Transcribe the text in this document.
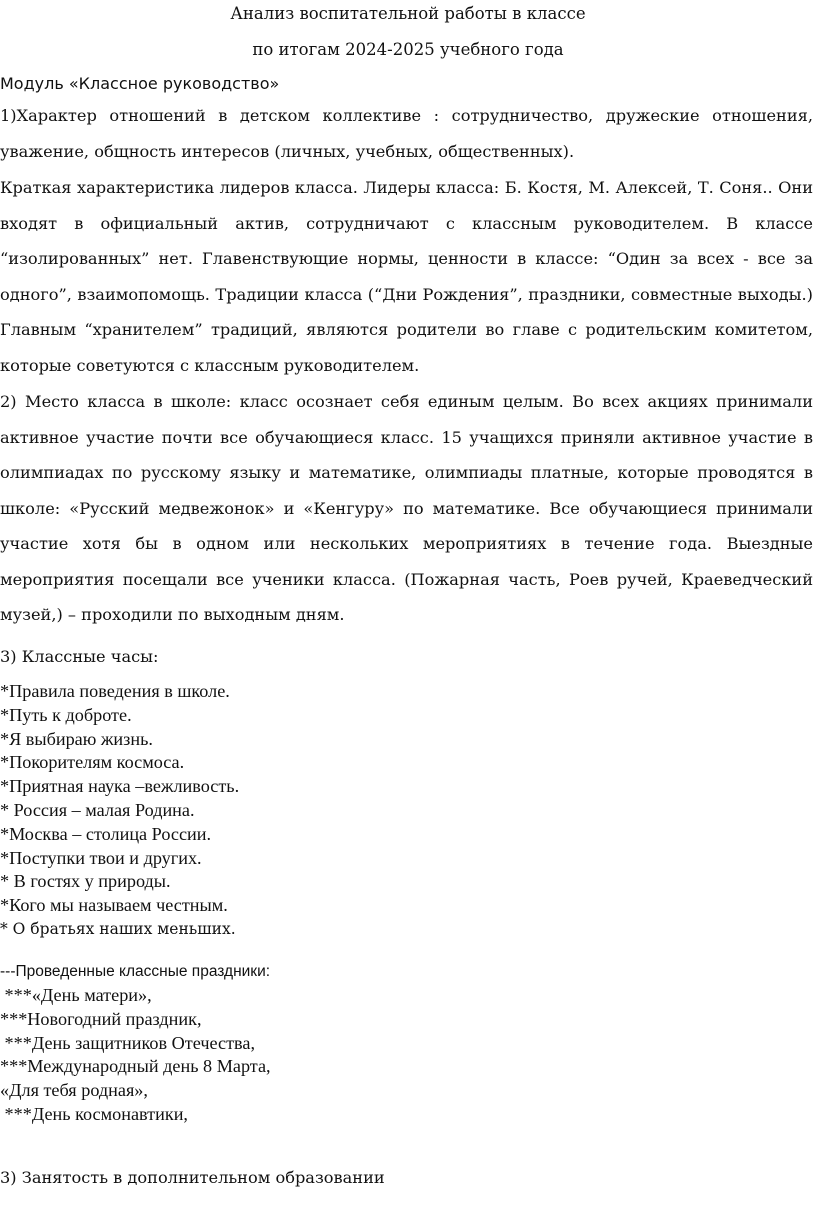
Анализ воспитательной работы в классе
по итогам 2024-2025 учебного года
Модуль «Классное руководство»
1)Характер отношений в детском коллективе : сотрудничество, дружеские отношения, уважение, общность интересов (личных, учебных, общественных).
Краткая характеристика лидеров класса. Лидеры класса: Б. Костя, М. Алексей, Т. Соня.. Они входят в официальный актив, сотрудничают с классным руководителем. В классе “изолированных” нет. Главенствующие нормы, ценности в классе: “Один за всех - все за одного”, взаимопомощь. Традиции класса (“Дни Рождения”, праздники, совместные выходы.) Главным “хранителем” традиций, являются родители во главе с родительским комитетом, которые советуются с классным руководителем.
2) Место класса в школе: класс осознает себя единым целым. Во всех акциях принимали активное участие почти все обучающиеся класс. 15 учащихся приняли активное участие в олимпиадах по русскому языку и математике, олимпиады платные, которые проводятся в школе: «Русский медвежонок» и «Кенгуру» по математике. Все обучающиеся принимали участие хотя бы в одном или нескольких мероприятиях в течение года. Выездные мероприятия посещали все ученики класса. (Пожарная часть, Роев ручей, Краеведческий музей,) – проходили по выходным дням.
3) Классные часы:
*Правила поведения в школе.
*Путь к доброте.
*Я выбираю жизнь.
*Покорителям космоса.
*Приятная наука –вежливость.
* Россия – малая Родина.
*Москва – столица России.
*Поступки твои и других.
* В гостях у природы.
*Кого мы называем честным.
* О братьях наших меньших.
---Проведенные классные праздники:
***«День матери»,
***Новогодний праздник,
***День защитников Отечества,
***Международный день 8 Марта,
«Для тебя родная»,
***День космонавтики,
3) Занятость в дополнительном образовании
